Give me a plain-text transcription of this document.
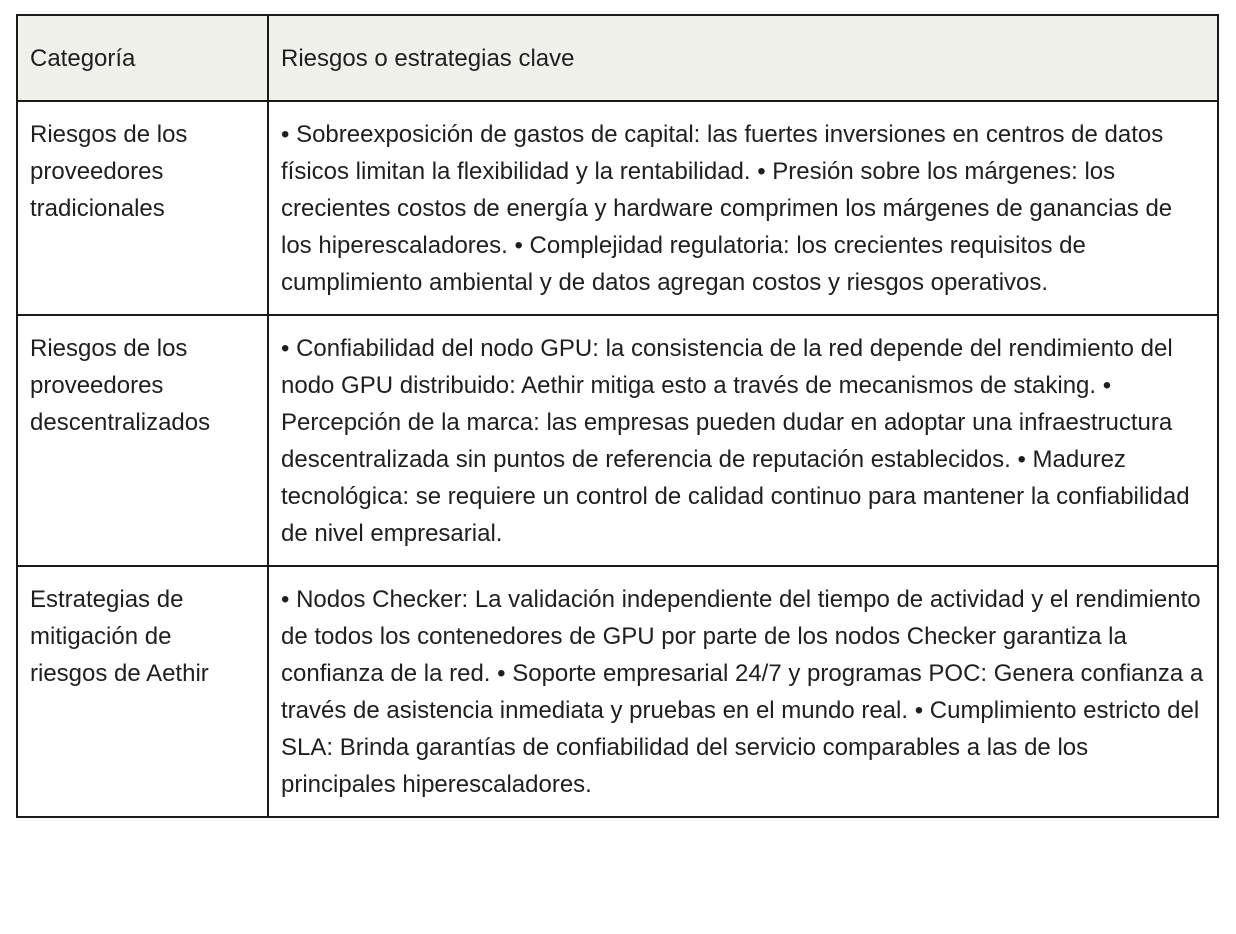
Categoría	Riesgos o estrategias clave
Riesgos de los proveedores tradicionales	• Sobreexposición de gastos de capital: las fuertes inversiones en centros de datos físicos limitan la flexibilidad y la rentabilidad. • Presión sobre los márgenes: los crecientes costos de energía y hardware comprimen los márgenes de ganancias de los hiperescaladores. • Complejidad regulatoria: los crecientes requisitos de cumplimiento ambiental y de datos agregan costos y riesgos operativos.
Riesgos de los proveedores descentralizados	• Confiabilidad del nodo GPU: la consistencia de la red depende del rendimiento del nodo GPU distribuido: Aethir mitiga esto a través de mecanismos de staking. • Percepción de la marca: las empresas pueden dudar en adoptar una infraestructura descentralizada sin puntos de referencia de reputación establecidos. • Madurez tecnológica: se requiere un control de calidad continuo para mantener la confiabilidad de nivel empresarial.
Estrategias de mitigación de riesgos de Aethir	• Nodos Checker: La validación independiente del tiempo de actividad y el rendimiento de todos los contenedores de GPU por parte de los nodos Checker garantiza la confianza de la red. • Soporte empresarial 24/7 y programas POC: Genera confianza a través de asistencia inmediata y pruebas en el mundo real. • Cumplimiento estricto del SLA: Brinda garantías de confiabilidad del servicio comparables a las de los principales hiperescaladores.
